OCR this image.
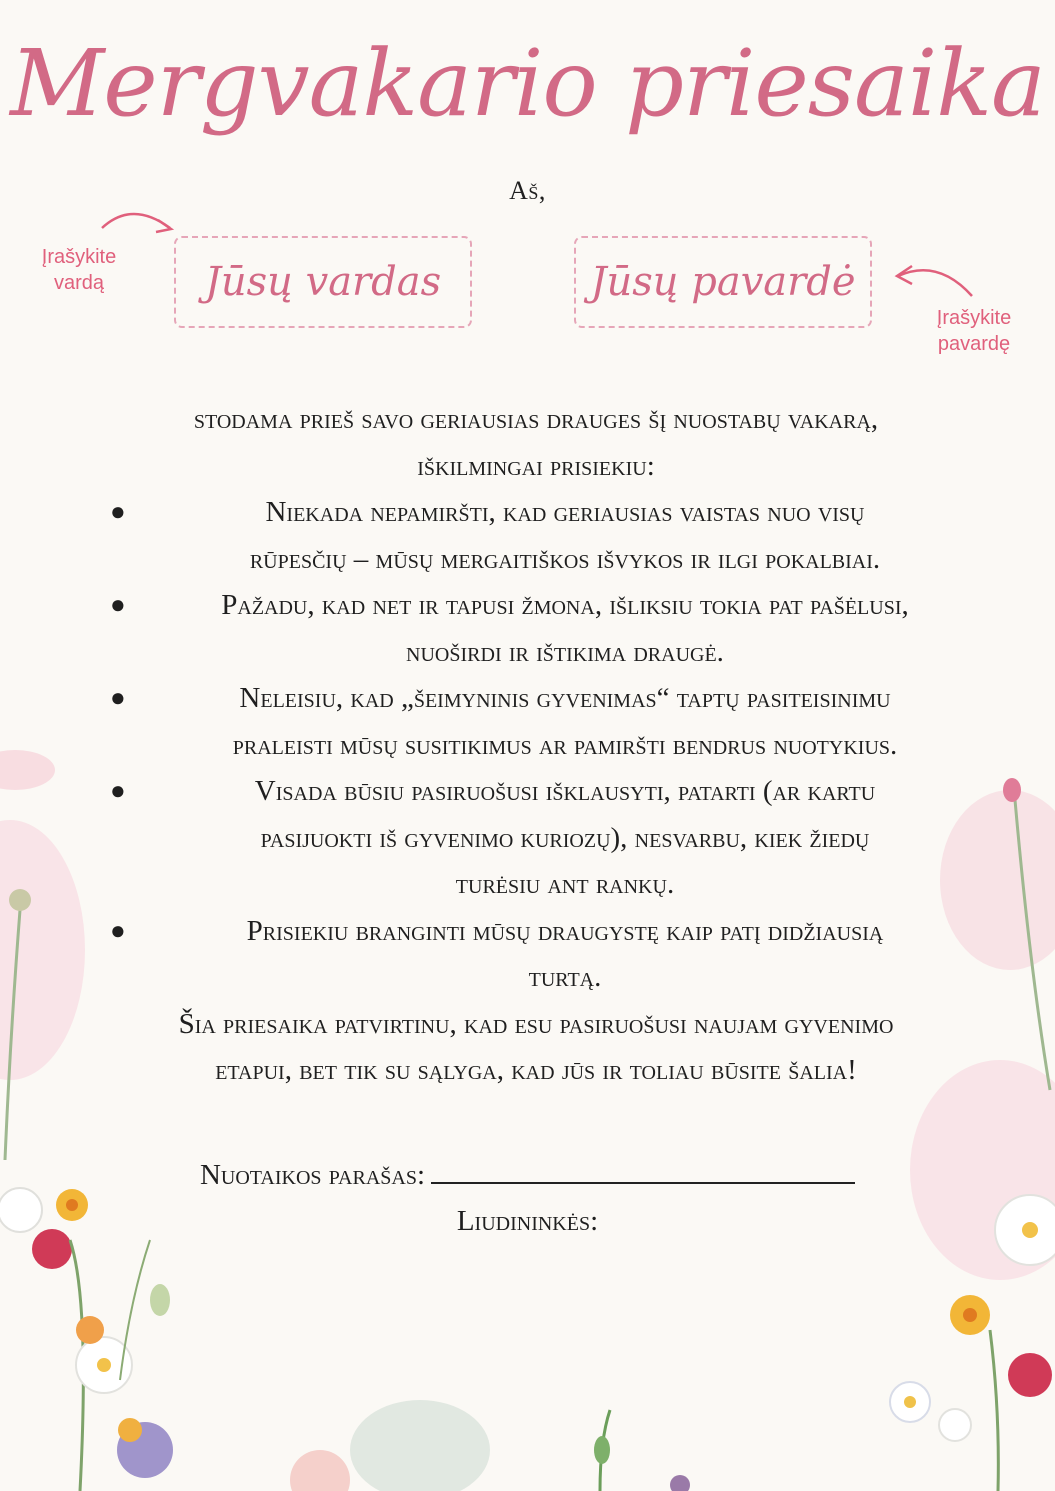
Mergvakario priesaika
Aš,
Įrašykite
vardą	Jūsų vardas	Jūsų pavardė
Įrašykite
pavardę
stodama prieš savo geriausias drauges šį nuostabų vakarą,
iškilmingai prisiekiu:
●	Niekada nepamiršti, kad geriausias vaistas nuo visų
rūpesčių – mūsų mergaitiškos išvykos ir ilgi pokalbiai.
●	Pažadu, kad net ir tapusi žmona, išliksiu tokia pat pašėlusi,
nuoširdi ir ištikima draugė.
●	Neleisiu, kad „šeimyninis gyvenimas“ taptų pasiteisinimu
praleisti mūsų susitikimus ar pamiršti bendrus nuotykius.
●	Visada būsiu pasiruošusi išklausyti, patarti (ar kartu
pasijuokti iš gyvenimo kuriozų), nesvarbu, kiek žiedų
turėsiu ant rankų.
●	Prisiekiu branginti mūsų draugystę kaip patį didžiausią
turtą.
Šia priesaika patvirtinu, kad esu pasiruošusi naujam gyvenimo
etapui, bet tik su sąlyga, kad jūs ir toliau būsite šalia!
Nuotaikos parašas:
Liudininkės:
